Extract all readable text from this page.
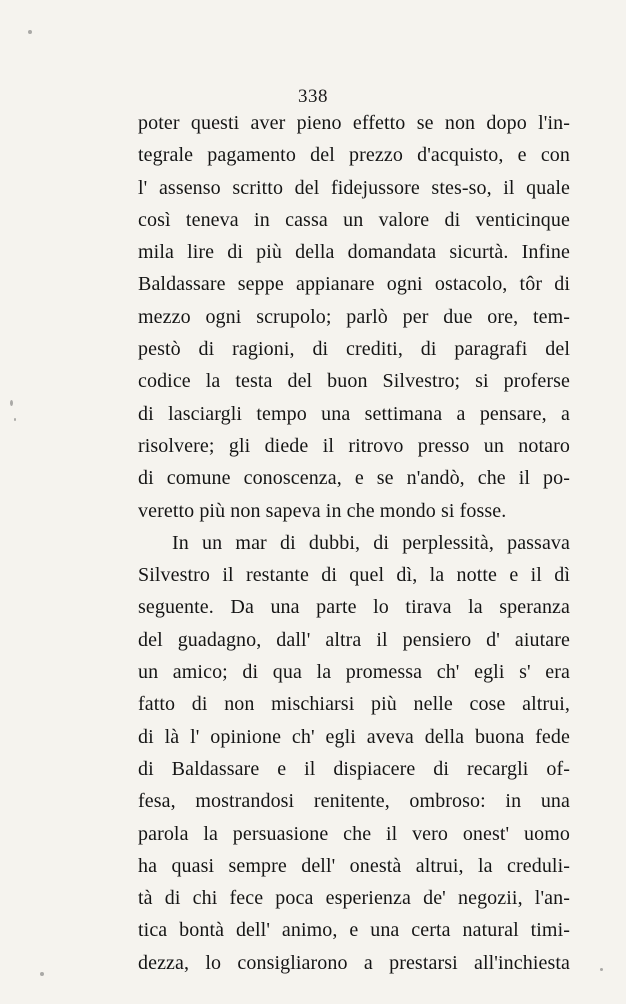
338
poter questi aver pieno effetto se non dopo l'in-
tegrale pagamento del prezzo d'acquisto, e con
l' assenso scritto del fidejussore stes-so, il quale
così teneva in cassa un valore di venticinque
mila lire di più della domandata sicurtà. Infine
Baldassare seppe appianare ogni ostacolo, tôr di
mezzo ogni scrupolo; parlò per due ore, tem-
pestò di ragioni, di crediti, di paragrafi del
codice la testa del buon Silvestro; si proferse
di lasciargli tempo una settimana a pensare, a
risolvere; gli diede il ritrovo presso un notaro
di comune conoscenza, e se n'andò, che il po-
veretto più non sapeva in che mondo si fosse.
In un mar di dubbi, di perplessità, passava
Silvestro il restante di quel dì, la notte e il dì
seguente. Da una parte lo tirava la speranza
del guadagno, dall' altra il pensiero d' aiutare
un amico; di qua la promessa ch' egli s' era
fatto di non mischiarsi più nelle cose altrui,
di là l' opinione ch' egli aveva della buona fede
di Baldassare e il dispiacere di recargli of-
fesa, mostrandosi renitente, ombroso: in una
parola la persuasione che il vero onest' uomo
ha quasi sempre dell' onestà altrui, la creduli-
tà di chi fece poca esperienza de' negozii, l'an-
tica bontà dell' animo, e una certa natural timi-
dezza, lo consigliarono a prestarsi all'inchiesta
